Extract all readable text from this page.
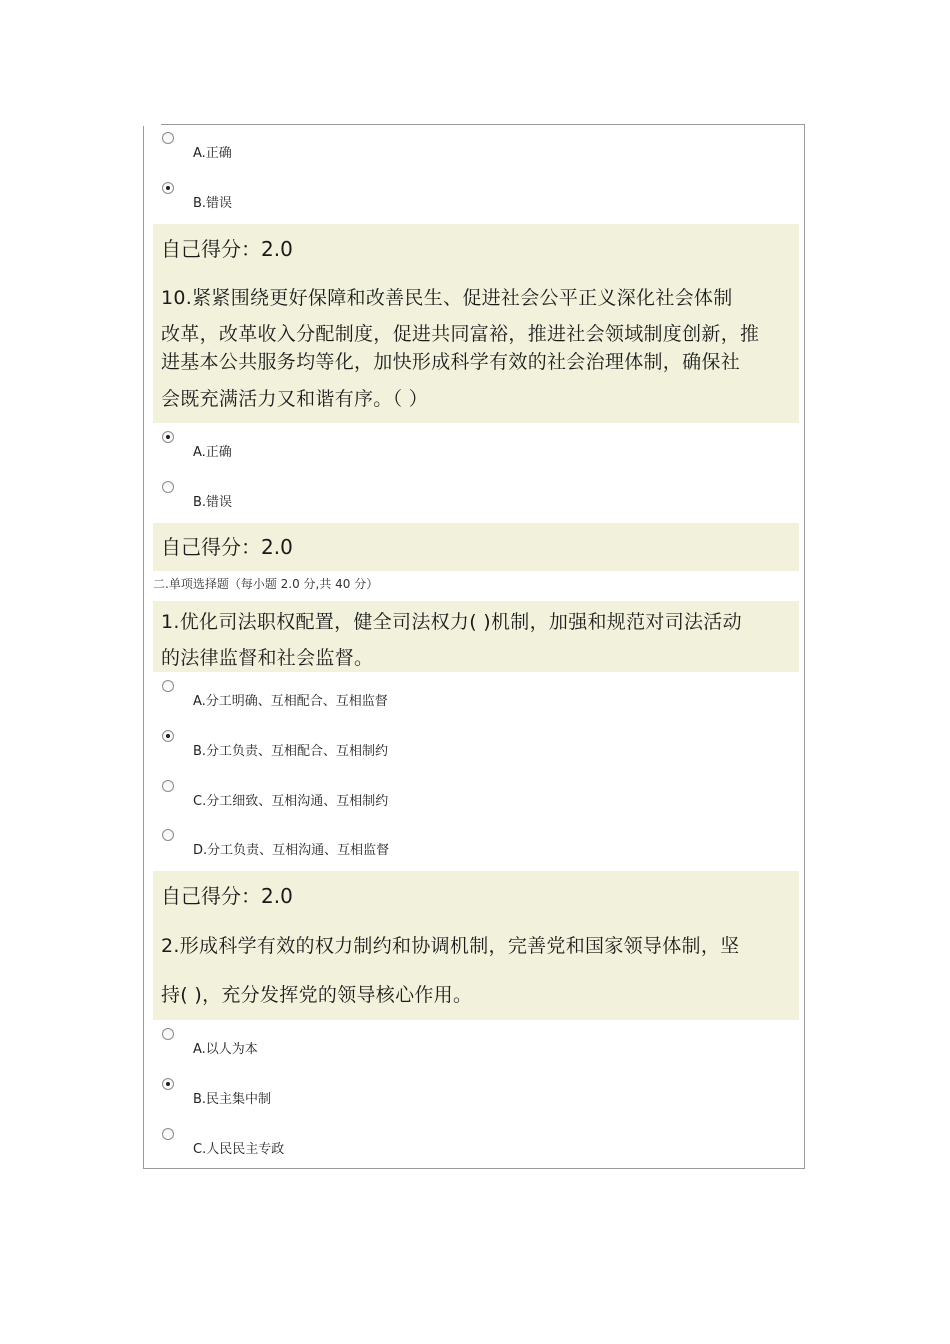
A.正确
B.错误
自己得分：2.0
10.紧紧围绕更好保障和改善民生、促进社会公平正义深化社会体制
改革，改革收入分配制度，促进共同富裕，推进社会领域制度创新，推
进基本公共服务均等化，加快形成科学有效的社会治理体制，确保社
会既充满活力又和谐有序。（ ）
A.正确
B.错误
自己得分：2.0
二.单项选择题（每小题 2.0 分,共 40 分）
1.优化司法职权配置，健全司法权力( )机制，加强和规范对司法活动
的法律监督和社会监督。
A.分工明确、互相配合、互相监督
B.分工负责、互相配合、互相制约
C.分工细致、互相沟通、互相制约
D.分工负责、互相沟通、互相监督
自己得分：2.0
2.形成科学有效的权力制约和协调机制，完善党和国家领导体制，坚
持( )，充分发挥党的领导核心作用。
A.以人为本
B.民主集中制
C.人民民主专政
